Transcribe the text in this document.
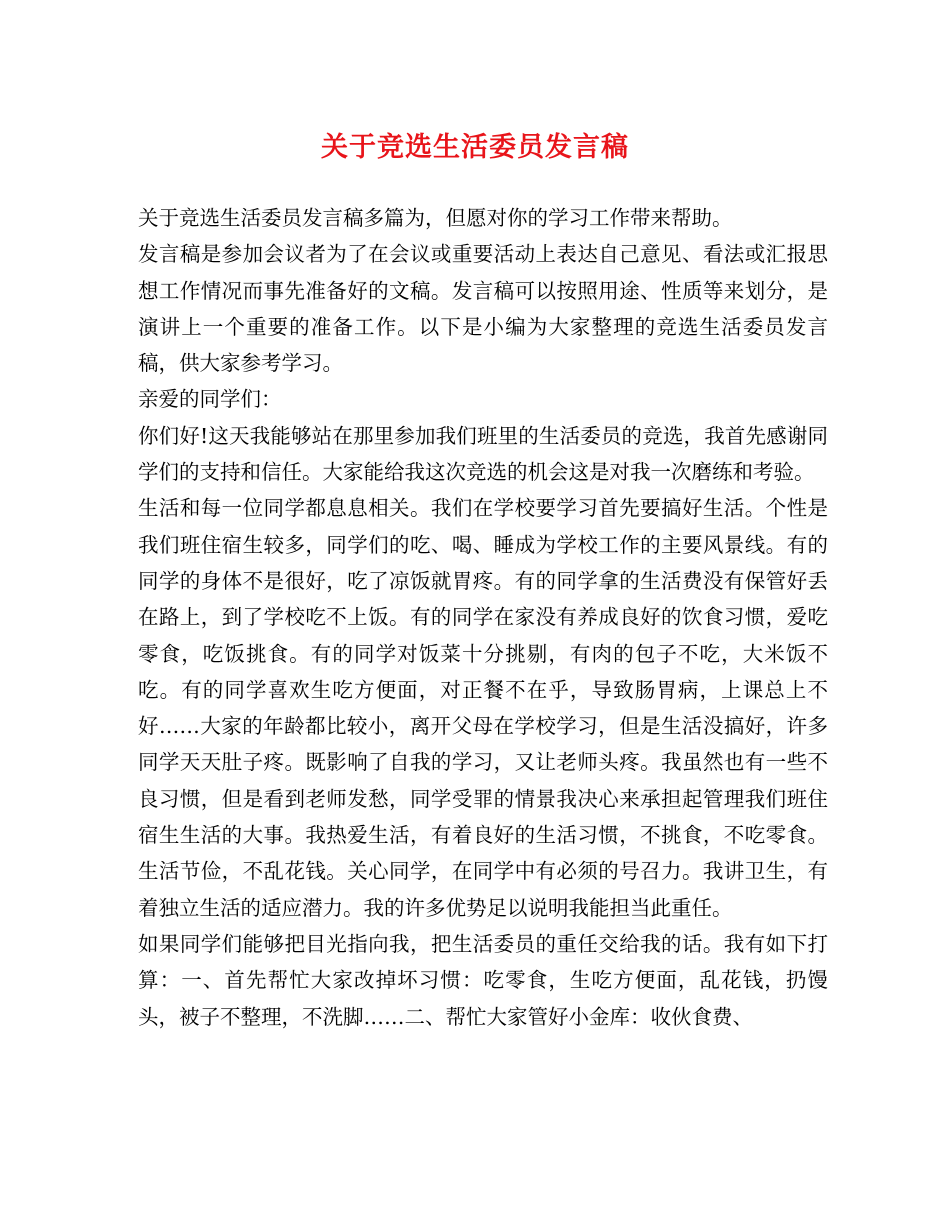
关于竞选生活委员发言稿

关于竞选生活委员发言稿多篇为，但愿对你的学习工作带来帮助。

发言稿是参加会议者为了在会议或重要活动上表达自己意见、看法或汇报思想工作情况而事先准备好的文稿。发言稿可以按照用途、性质等来划分，是演讲上一个重要的准备工作。以下是小编为大家整理的竞选生活委员发言稿，供大家参考学习。

亲爱的同学们：

你们好!这天我能够站在那里参加我们班里的生活委员的竞选，我首先感谢同学们的支持和信任。大家能给我这次竞选的机会这是对我一次磨练和考验。

生活和每一位同学都息息相关。我们在学校要学习首先要搞好生活。个性是我们班住宿生较多，同学们的吃、喝、睡成为学校工作的主要风景线。有的同学的身体不是很好，吃了凉饭就胃疼。有的同学拿的生活费没有保管好丢在路上，到了学校吃不上饭。有的同学在家没有养成良好的饮食习惯，爱吃零食，吃饭挑食。有的同学对饭菜十分挑剔，有肉的包子不吃，大米饭不吃。有的同学喜欢生吃方便面，对正餐不在乎，导致肠胃病，上课总上不好……大家的年龄都比较小，离开父母在学校学习，但是生活没搞好，许多同学天天肚子疼。既影响了自我的学习，又让老师头疼。我虽然也有一些不良习惯，但是看到老师发愁，同学受罪的情景我决心来承担起管理我们班住宿生生活的大事。我热爱生活，有着良好的生活习惯，不挑食，不吃零食。生活节俭，不乱花钱。关心同学，在同学中有必须的号召力。我讲卫生，有着独立生活的适应潜力。我的许多优势足以说明我能担当此重任。

如果同学们能够把目光指向我，把生活委员的重任交给我的话。我有如下打算：一、首先帮忙大家改掉坏习惯：吃零食，生吃方便面，乱花钱，扔馒头，被子不整理，不洗脚……二、帮忙大家管好小金库：收伙食费、
